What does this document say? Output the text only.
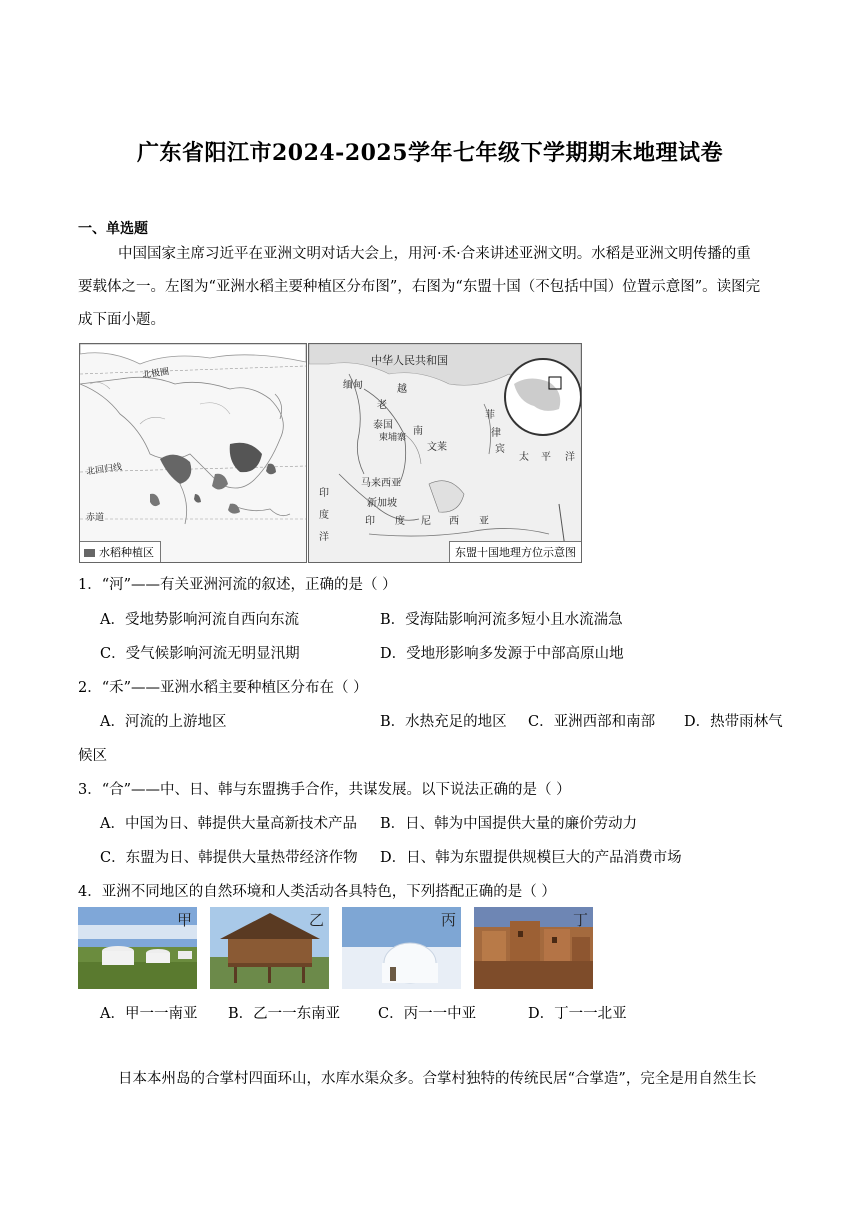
广东省阳江市2024-2025学年七年级下学期期末地理试卷
一、单选题
中国国家主席习近平在亚洲文明对话大会上，用河·禾·合来讲述亚洲文明。水稻是亚洲文明传播的重
要载体之一。左图为“亚洲水稻主要种植区分布图”，右图为“东盟十国（不包括中国）位置示意图”。读图完
成下面小题。
北极圈
北回归线
赤道
水稻种植区
中华人民共和国
缅甸	越
老
泰国
柬埔寨
南
菲
律
宾
文莱
马来西亚
新加坡
太 平 洋
印
度
洋
印 度 尼 西 亚
东盟十国地理方位示意图
1．“河”——有关亚洲河流的叙述，正确的是（ ）
A．受地势影响河流自西向东流	B．受海陆影响河流多短小且水流湍急
C．受气候影响河流无明显汛期	D．受地形影响多发源于中部高原山地
2．“禾”——亚洲水稻主要种植区分布在（ ）
A．河流的上游地区	B．水热充足的地区 C．亚洲西部和南部 D．热带雨林气
候区
3．“合”——中、日、韩与东盟携手合作，共谋发展。以下说法正确的是（ ）
A．中国为日、韩提供大量高新技术产品 B．日、韩为中国提供大量的廉价劳动力
C．东盟为日、韩提供大量热带经济作物 D．日、韩为东盟提供规模巨大的产品消费市场
4．亚洲不同地区的自然环境和人类活动各具特色，下列搭配正确的是（ ）
甲	乙	丙	丁
A．甲一一南亚 B．乙一一东南亚	C．丙一一中亚	D．丁一一北亚
日本本州岛的合掌村四面环山，水库水渠众多。合掌村独特的传统民居“合掌造”，完全是用自然生长
